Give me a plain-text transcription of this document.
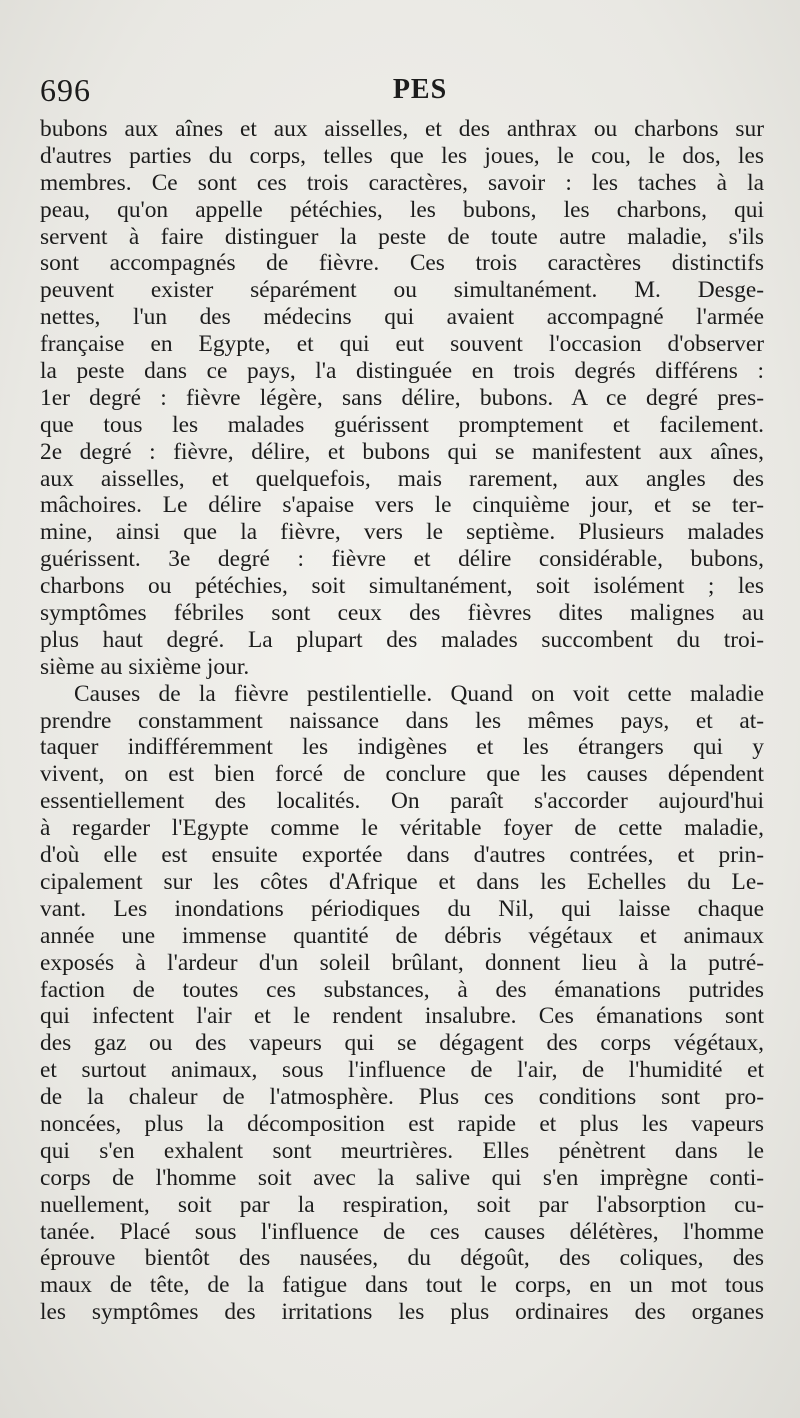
696	PES
bubons aux aînes et aux aisselles, et des anthrax ou charbons sur
d'autres parties du corps, telles que les joues, le cou, le dos, les
membres. Ce sont ces trois caractères, savoir : les taches à la
peau, qu'on appelle pétéchies, les bubons, les charbons, qui
servent à faire distinguer la peste de toute autre maladie, s'ils
sont accompagnés de fièvre. Ces trois caractères distinctifs
peuvent exister séparément ou simultanément. M. Desge-
nettes, l'un des médecins qui avaient accompagné l'armée
française en Egypte, et qui eut souvent l'occasion d'observer
la peste dans ce pays, l'a distinguée en trois degrés différens :
1er degré : fièvre légère, sans délire, bubons. A ce degré pres-
que tous les malades guérissent promptement et facilement.
2e degré : fièvre, délire, et bubons qui se manifestent aux aînes,
aux aisselles, et quelquefois, mais rarement, aux angles des
mâchoires. Le délire s'apaise vers le cinquième jour, et se ter-
mine, ainsi que la fièvre, vers le septième. Plusieurs malades
guérissent. 3e degré : fièvre et délire considérable, bubons,
charbons ou pétéchies, soit simultanément, soit isolément ; les
symptômes fébriles sont ceux des fièvres dites malignes au
plus haut degré. La plupart des malades succombent du troi-
sième au sixième jour.
Causes de la fièvre pestilentielle. Quand on voit cette maladie
prendre constamment naissance dans les mêmes pays, et at-
taquer indifféremment les indigènes et les étrangers qui y
vivent, on est bien forcé de conclure que les causes dépendent
essentiellement des localités. On paraît s'accorder aujourd'hui
à regarder l'Egypte comme le véritable foyer de cette maladie,
d'où elle est ensuite exportée dans d'autres contrées, et prin-
cipalement sur les côtes d'Afrique et dans les Echelles du Le-
vant. Les inondations périodiques du Nil, qui laisse chaque
année une immense quantité de débris végétaux et animaux
exposés à l'ardeur d'un soleil brûlant, donnent lieu à la putré-
faction de toutes ces substances, à des émanations putrides
qui infectent l'air et le rendent insalubre. Ces émanations sont
des gaz ou des vapeurs qui se dégagent des corps végétaux,
et surtout animaux, sous l'influence de l'air, de l'humidité et
de la chaleur de l'atmosphère. Plus ces conditions sont pro-
noncées, plus la décomposition est rapide et plus les vapeurs
qui s'en exhalent sont meurtrières. Elles pénètrent dans le
corps de l'homme soit avec la salive qui s'en imprègne conti-
nuellement, soit par la respiration, soit par l'absorption cu-
tanée. Placé sous l'influence de ces causes délétères, l'homme
éprouve bientôt des nausées, du dégoût, des coliques, des
maux de tête, de la fatigue dans tout le corps, en un mot tous
les symptômes des irritations les plus ordinaires des organes
